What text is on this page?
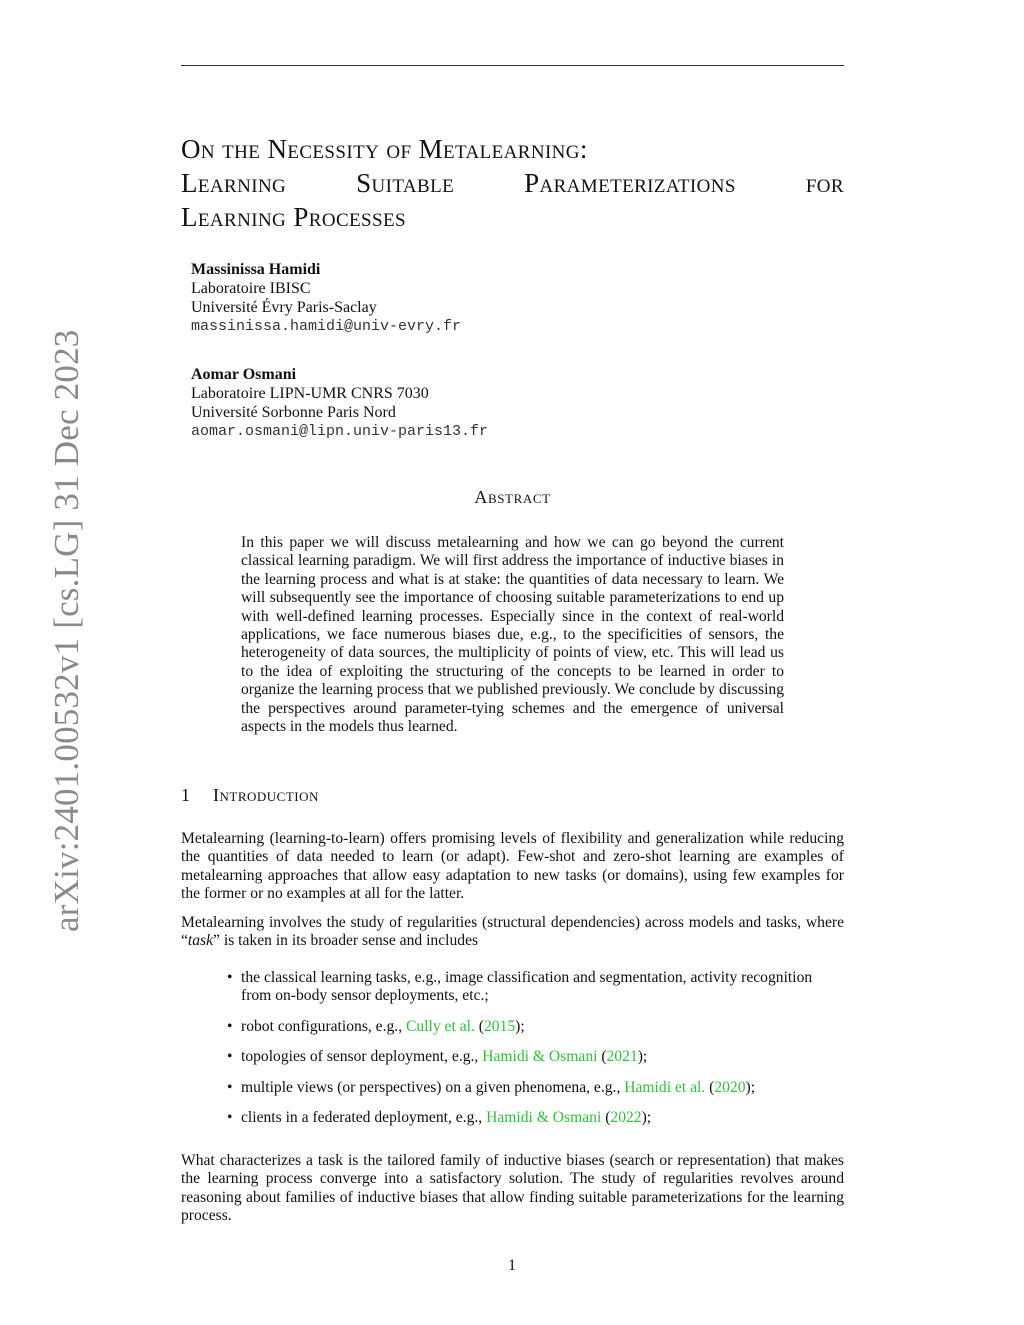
arXiv:2401.00532v1 [cs.LG] 31 Dec 2023
On the Necessity of Metalearning:
Learning	Suitable	Parameterizations	for
Learning Processes
Massinissa Hamidi
Laboratoire IBISC
Université Évry Paris-Saclay
massinissa.hamidi@univ-evry.fr
Aomar Osmani
Laboratoire LIPN-UMR CNRS 7030
Université Sorbonne Paris Nord
aomar.osmani@lipn.univ-paris13.fr
Abstract
In this paper we will discuss metalearning and how we can go beyond the current classical learning paradigm. We will first address the importance of inductive biases in the learning process and what is at stake: the quantities of data necessary to learn. We will subsequently see the importance of choosing suitable parameterizations to end up with well-defined learning processes. Especially since in the context of real-world applications, we face numerous biases due, e.g., to the specificities of sensors, the heterogeneity of data sources, the multiplicity of points of view, etc. This will lead us to the idea of exploiting the structuring of the concepts to be learned in order to organize the learning process that we published previously. We conclude by discussing the perspectives around parameter-tying schemes and the emergence of universal aspects in the models thus learned.
1 Introduction
Metalearning (learning-to-learn) offers promising levels of flexibility and generalization while reducing the quantities of data needed to learn (or adapt). Few-shot and zero-shot learning are examples of metalearning approaches that allow easy adaptation to new tasks (or domains), using few examples for the former or no examples at all for the latter.
Metalearning involves the study of regularities (structural dependencies) across models and tasks, where “task” is taken in its broader sense and includes
• the classical learning tasks, e.g., image classification and segmentation, activity recognition from on-body sensor deployments, etc.;
• robot configurations, e.g., Cully et al. (2015);
• topologies of sensor deployment, e.g., Hamidi & Osmani (2021);
• multiple views (or perspectives) on a given phenomena, e.g., Hamidi et al. (2020);
• clients in a federated deployment, e.g., Hamidi & Osmani (2022);
What characterizes a task is the tailored family of inductive biases (search or representation) that makes the learning process converge into a satisfactory solution. The study of regularities revolves around reasoning about families of inductive biases that allow finding suitable parameterizations for the learning process.
1
